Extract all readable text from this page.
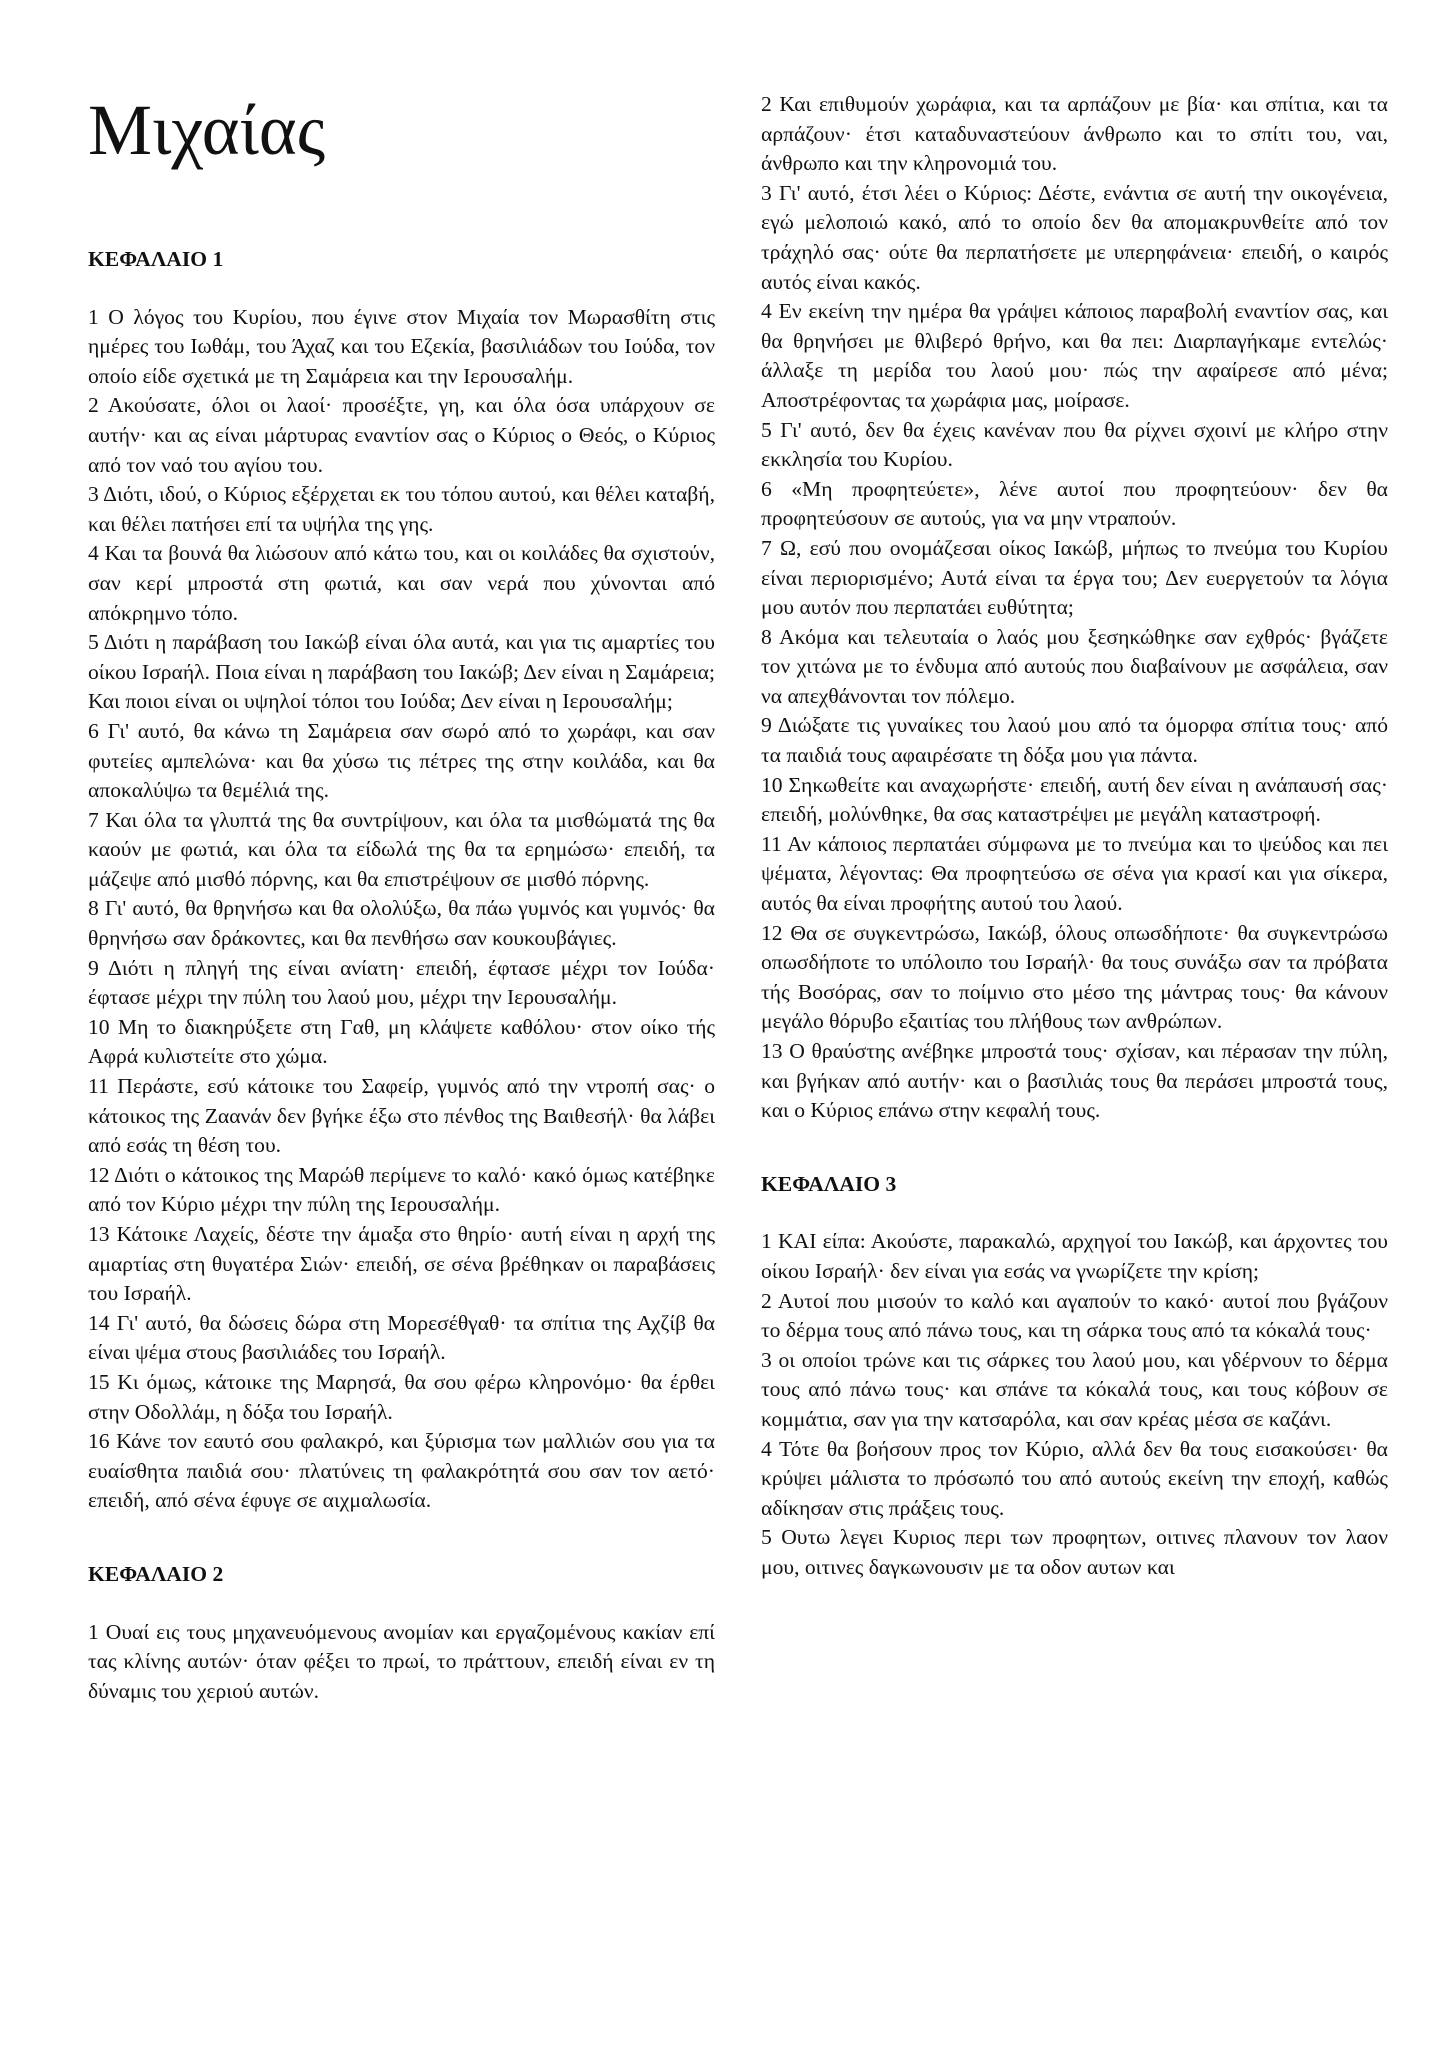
Μιχαίας
ΚΕΦΑΛΑΙΟ 1

1 Ο λόγος του Κυρίου, που έγινε στον Μιχαία τον Μωρασθίτη στις ημέρες του Ιωθάμ, του Άχαζ και του Εζεκία, βασιλιάδων του Ιούδα, τον οποίο είδε σχετικά με τη Σαμάρεια και την Ιερουσαλήμ.

2 Ακούσατε, όλοι οι λαοί· προσέξτε, γη, και όλα όσα υπάρχουν σε αυτήν· και ας είναι μάρτυρας εναντίον σας ο Κύριος ο Θεός, ο Κύριος από τον ναό του αγίου του.

3 Διότι, ιδού, ο Κύριος εξέρχεται εκ του τόπου αυτού, και θέλει καταβή, και θέλει πατήσει επί τα υψήλα της γης.

4 Και τα βουνά θα λιώσουν από κάτω του, και οι κοιλάδες θα σχιστούν, σαν κερί μπροστά στη φωτιά, και σαν νερά που χύνονται από απόκρημνο τόπο.

5 Διότι η παράβαση του Ιακώβ είναι όλα αυτά, και για τις αμαρτίες του οίκου Ισραήλ. Ποια είναι η παράβαση του Ιακώβ; Δεν είναι η Σαμάρεια; Και ποιοι είναι οι υψηλοί τόποι του Ιούδα; Δεν είναι η Ιερουσαλήμ;

6 Γι' αυτό, θα κάνω τη Σαμάρεια σαν σωρό από το χωράφι, και σαν φυτείες αμπελώνα· και θα χύσω τις πέτρες της στην κοιλάδα, και θα αποκαλύψω τα θεμέλιά της.

7 Και όλα τα γλυπτά της θα συντρίψουν, και όλα τα μισθώματά της θα καούν με φωτιά, και όλα τα είδωλά της θα τα ερημώσω· επειδή, τα μάζεψε από μισθό πόρνης, και θα επιστρέψουν σε μισθό πόρνης.

8 Γι' αυτό, θα θρηνήσω και θα ολολύξω, θα πάω γυμνός και γυμνός· θα θρηνήσω σαν δράκοντες, και θα πενθήσω σαν κουκουβάγιες.

9 Διότι η πληγή της είναι ανίατη· επειδή, έφτασε μέχρι τον Ιούδα· έφτασε μέχρι την πύλη του λαού μου, μέχρι την Ιερουσαλήμ.

10 Μη το διακηρύξετε στη Γαθ, μη κλάψετε καθόλου· στον οίκο τής Αφρά κυλιστείτε στο χώμα.

11 Περάστε, εσύ κάτοικε του Σαφείρ, γυμνός από την ντροπή σας· ο κάτοικος της Ζαανάν δεν βγήκε έξω στο πένθος της Βαιθεσήλ· θα λάβει από εσάς τη θέση του.

12 Διότι ο κάτοικος της Μαρώθ περίμενε το καλό· κακό όμως κατέβηκε από τον Κύριο μέχρι την πύλη της Ιερουσαλήμ.

13 Κάτοικε Λαχείς, δέστε την άμαξα στο θηρίο· αυτή είναι η αρχή της αμαρτίας στη θυγατέρα Σιών· επειδή, σε σένα βρέθηκαν οι παραβάσεις του Ισραήλ.

14 Γι' αυτό, θα δώσεις δώρα στη Μορεσέθγαθ· τα σπίτια της Αχζίβ θα είναι ψέμα στους βασιλιάδες του Ισραήλ.

15 Κι όμως, κάτοικε της Μαρησά, θα σου φέρω κληρονόμο· θα έρθει στην Οδολλάμ, η δόξα του Ισραήλ.

16 Κάνε τον εαυτό σου φαλακρό, και ξύρισμα των μαλλιών σου για τα ευαίσθητα παιδιά σου· πλατύνεις τη φαλακρότητά σου σαν τον αετό· επειδή, από σένα έφυγε σε αιχμαλωσία.

ΚΕΦΑΛΑΙΟ 2

1 Ουαί εις τους μηχανευόμενους ανομίαν και εργαζομένους κακίαν επί τας κλίνης αυτών· όταν φέξει το πρωί, το πράττουν, επειδή είναι εν τη δύναμις του χεριού αυτών.

2 Και επιθυμούν χωράφια, και τα αρπάζουν με βία· και σπίτια, και τα αρπάζουν· έτσι καταδυναστεύουν άνθρωπο και το σπίτι του, ναι, άνθρωπο και την κληρονομιά του.

3 Γι' αυτό, έτσι λέει ο Κύριος: Δέστε, ενάντια σε αυτή την οικογένεια, εγώ μελοποιώ κακό, από το οποίο δεν θα απομακρυνθείτε από τον τράχηλό σας· ούτε θα περπατήσετε με υπερηφάνεια· επειδή, ο καιρός αυτός είναι κακός.

4 Εν εκείνη την ημέρα θα γράψει κάποιος παραβολή εναντίον σας, και θα θρηνήσει με θλιβερό θρήνο, και θα πει: Διαρπαγήκαμε εντελώς· άλλαξε τη μερίδα του λαού μου· πώς την αφαίρεσε από μένα; Αποστρέφοντας τα χωράφια μας, μοίρασε.

5 Γι' αυτό, δεν θα έχεις κανέναν που θα ρίχνει σχοινί με κλήρο στην εκκλησία του Κυρίου.

6 «Μη προφητεύετε», λένε αυτοί που προφητεύουν· δεν θα προφητεύσουν σε αυτούς, για να μην ντραπούν.

7 Ω, εσύ που ονομάζεσαι οίκος Ιακώβ, μήπως το πνεύμα του Κυρίου είναι περιορισμένο; Αυτά είναι τα έργα του; Δεν ευεργετούν τα λόγια μου αυτόν που περπατάει ευθύτητα;

8 Ακόμα και τελευταία ο λαός μου ξεσηκώθηκε σαν εχθρός· βγάζετε τον χιτώνα με το ένδυμα από αυτούς που διαβαίνουν με ασφάλεια, σαν να απεχθάνονται τον πόλεμο.

9 Διώξατε τις γυναίκες του λαού μου από τα όμορφα σπίτια τους· από τα παιδιά τους αφαιρέσατε τη δόξα μου για πάντα.

10 Σηκωθείτε και αναχωρήστε· επειδή, αυτή δεν είναι η ανάπαυσή σας· επειδή, μολύνθηκε, θα σας καταστρέψει με μεγάλη καταστροφή.

11 Αν κάποιος περπατάει σύμφωνα με το πνεύμα και το ψεύδος και πει ψέματα, λέγοντας: Θα προφητεύσω σε σένα για κρασί και για σίκερα, αυτός θα είναι προφήτης αυτού του λαού.

12 Θα σε συγκεντρώσω, Ιακώβ, όλους οπωσδήποτε· θα συγκεντρώσω οπωσδήποτε το υπόλοιπο του Ισραήλ· θα τους συνάξω σαν τα πρόβατα τής Βοσόρας, σαν το ποίμνιο στο μέσο της μάντρας τους· θα κάνουν μεγάλο θόρυβο εξαιτίας του πλήθους των ανθρώπων.

13 Ο θραύστης ανέβηκε μπροστά τους· σχίσαν, και πέρασαν την πύλη, και βγήκαν από αυτήν· και ο βασιλιάς τους θα περάσει μπροστά τους, και ο Κύριος επάνω στην κεφαλή τους.

ΚΕΦΑΛΑΙΟ 3

1 ΚΑΙ είπα: Ακούστε, παρακαλώ, αρχηγοί του Ιακώβ, και άρχοντες του οίκου Ισραήλ· δεν είναι για εσάς να γνωρίζετε την κρίση;

2 Αυτοί που μισούν το καλό και αγαπούν το κακό· αυτοί που βγάζουν το δέρμα τους από πάνω τους, και τη σάρκα τους από τα κόκαλά τους·

3 οι οποίοι τρώνε και τις σάρκες του λαού μου, και γδέρνουν το δέρμα τους από πάνω τους· και σπάνε τα κόκαλά τους, και τους κόβουν σε κομμάτια, σαν για την κατσαρόλα, και σαν κρέας μέσα σε καζάνι.

4 Τότε θα βοήσουν προς τον Κύριο, αλλά δεν θα τους εισακούσει· θα κρύψει μάλιστα το πρόσωπό του από αυτούς εκείνη την εποχή, καθώς αδίκησαν στις πράξεις τους.

5 Ουτω λεγει Κυριος περι των προφητων, οιτινες πλανουν τον λαον μου, οιτινες δαγκωνουσιν με τα οδον αυτων και
